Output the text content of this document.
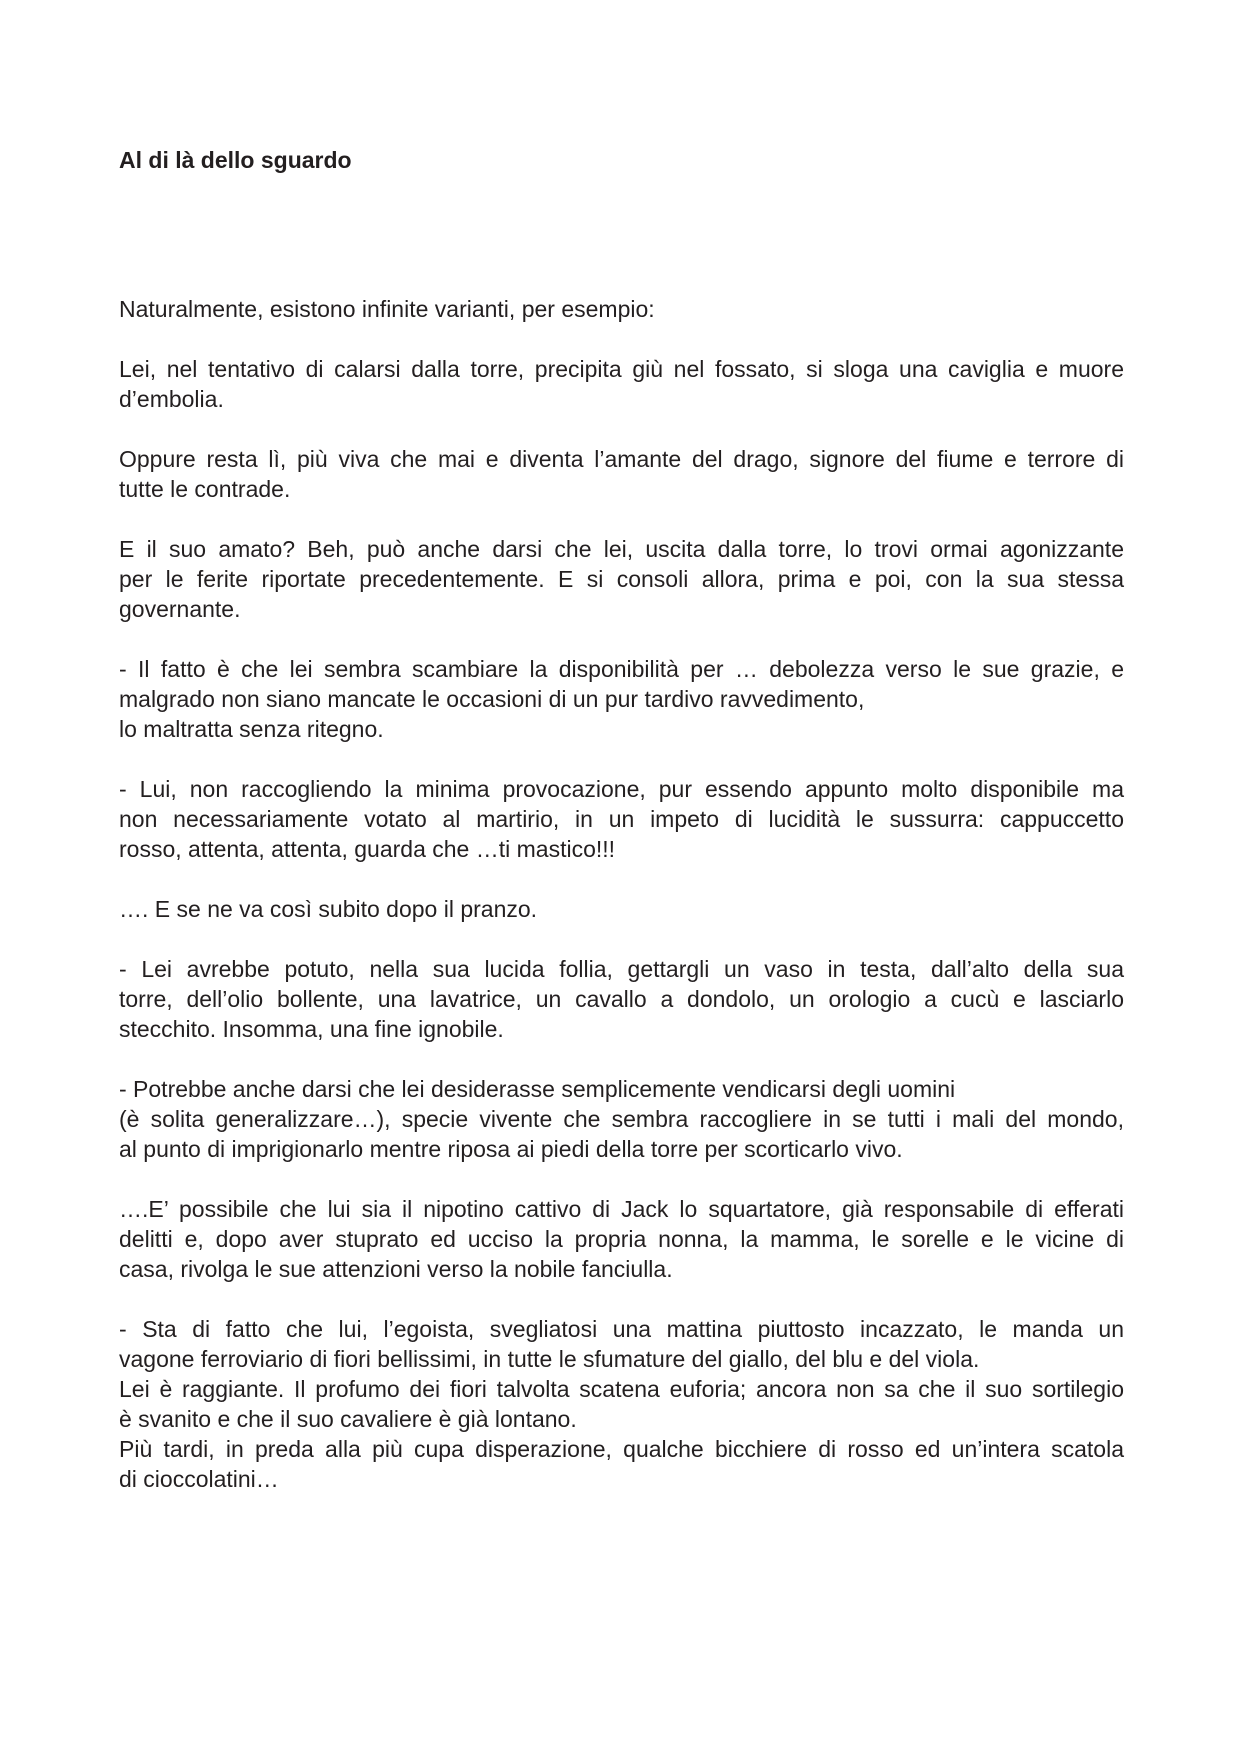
Al di là dello sguardo

Naturalmente, esistono infinite varianti, per esempio:

Lei, nel tentativo di calarsi dalla torre, precipita giù nel fossato, si sloga una caviglia e muore
d’embolia.

Oppure resta lì, più viva che mai e diventa l’amante del drago, signore del fiume e terrore di
tutte le contrade.

E il suo amato? Beh, può anche darsi che lei, uscita dalla torre, lo trovi ormai agonizzante
per le ferite riportate precedentemente. E si consoli allora, prima e poi, con la sua stessa
governante.

- Il fatto è che lei sembra scambiare la disponibilità per … debolezza verso le sue grazie, e
malgrado non siano mancate le occasioni di un pur tardivo ravvedimento,
lo maltratta senza ritegno.

- Lui, non raccogliendo la minima provocazione, pur essendo appunto molto disponibile ma
non necessariamente votato al martirio, in un impeto di lucidità le sussurra: cappuccetto
rosso, attenta, attenta, guarda che …ti mastico!!!

…. E se ne va così subito dopo il pranzo.

- Lei avrebbe potuto, nella sua lucida follia, gettargli un vaso in testa, dall’alto della sua
torre, dell’olio bollente, una lavatrice, un cavallo a dondolo, un orologio a cucù e lasciarlo
stecchito. Insomma, una fine ignobile.

- Potrebbe anche darsi che lei desiderasse semplicemente vendicarsi degli uomini
(è solita generalizzare…), specie vivente che sembra raccogliere in se tutti i mali del mondo,
al punto di imprigionarlo mentre riposa ai piedi della torre per scorticarlo vivo.

….E’ possibile che lui sia il nipotino cattivo di Jack lo squartatore, già responsabile di efferati
delitti e, dopo aver stuprato ed ucciso la propria nonna, la mamma, le sorelle e le vicine di
casa, rivolga le sue attenzioni verso la nobile fanciulla.

- Sta di fatto che lui, l’egoista, svegliatosi una mattina piuttosto incazzato, le manda un
vagone ferroviario di fiori bellissimi, in tutte le sfumature del giallo, del blu e del viola.
Lei è raggiante. Il profumo dei fiori talvolta scatena euforia; ancora non sa che il suo sortilegio
è svanito e che il suo cavaliere è già lontano.
Più tardi, in preda alla più cupa disperazione, qualche bicchiere di rosso ed un’intera scatola
di cioccolatini…
